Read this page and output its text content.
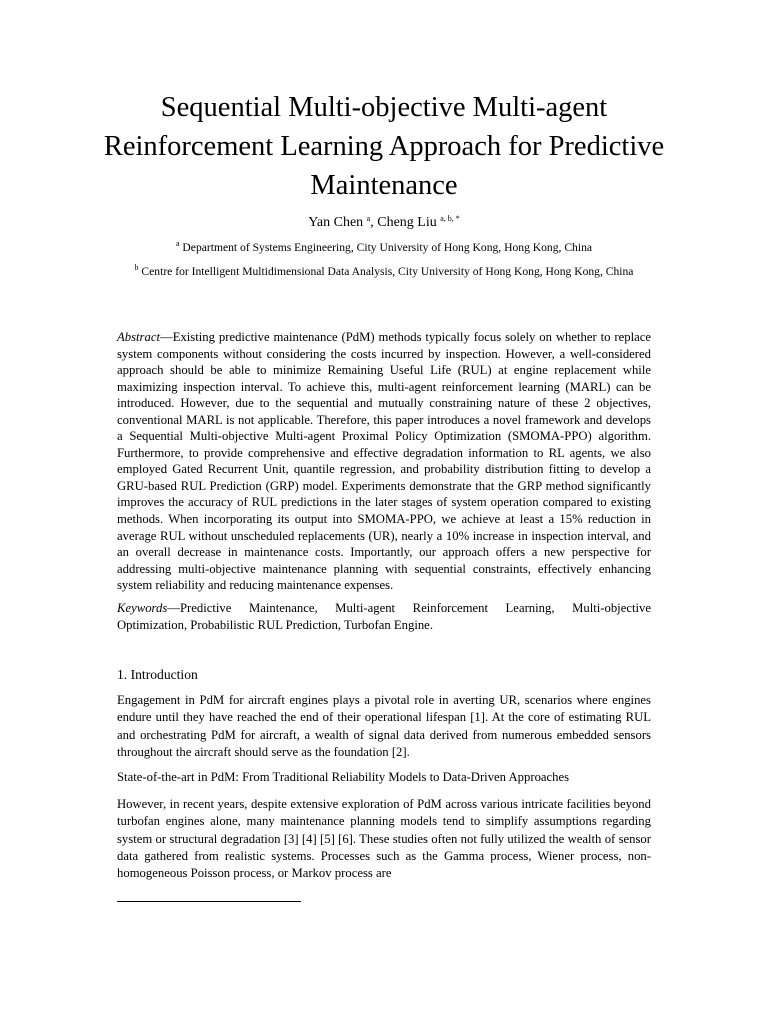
Sequential Multi-objective Multi-agent Reinforcement Learning Approach for Predictive Maintenance
Yan Chen $^a$, Cheng Liu $^{a, b, *}$
$^a$ Department of Systems Engineering, City University of Hong Kong, Hong Kong, China
$^b$ Centre for Intelligent Multidimensional Data Analysis, City University of Hong Kong, Hong Kong, China

Abstract—Existing predictive maintenance (PdM) methods typically focus solely on whether to replace system components without considering the costs incurred by inspection. However, a well-considered approach should be able to minimize Remaining Useful Life (RUL) at engine replacement while maximizing inspection interval. To achieve this, multi-agent reinforcement learning (MARL) can be introduced. However, due to the sequential and mutually constraining nature of these 2 objectives, conventional MARL is not applicable. Therefore, this paper introduces a novel framework and develops a Sequential Multi-objective Multi-agent Proximal Policy Optimization (SMOMA-PPO) algorithm. Furthermore, to provide comprehensive and effective degradation information to RL agents, we also employed Gated Recurrent Unit, quantile regression, and probability distribution fitting to develop a GRU-based RUL Prediction (GRP) model. Experiments demonstrate that the GRP method significantly improves the accuracy of RUL predictions in the later stages of system operation compared to existing methods. When incorporating its output into SMOMA-PPO, we achieve at least a 15% reduction in average RUL without unscheduled replacements (UR), nearly a 10% increase in inspection interval, and an overall decrease in maintenance costs. Importantly, our approach offers a new perspective for addressing multi-objective maintenance planning with sequential constraints, effectively enhancing system reliability and reducing maintenance expenses.

Keywords—Predictive Maintenance, Multi-agent Reinforcement Learning, Multi-objective Optimization, Probabilistic RUL Prediction, Turbofan Engine.

1. Introduction

Engagement in PdM for aircraft engines plays a pivotal role in averting UR, scenarios where engines endure until they have reached the end of their operational lifespan [1]. At the core of estimating RUL and orchestrating PdM for aircraft, a wealth of signal data derived from numerous embedded sensors throughout the aircraft should serve as the foundation [2].

State-of-the-art in PdM: From Traditional Reliability Models to Data-Driven Approaches

However, in recent years, despite extensive exploration of PdM across various intricate facilities beyond turbofan engines alone, many maintenance planning models tend to simplify assumptions regarding system or structural degradation [3] [4] [5] [6]. These studies often not fully utilized the wealth of sensor data gathered from realistic systems. Processes such as the Gamma process, Wiener process, non-homogeneous Poisson process, or Markov process are
